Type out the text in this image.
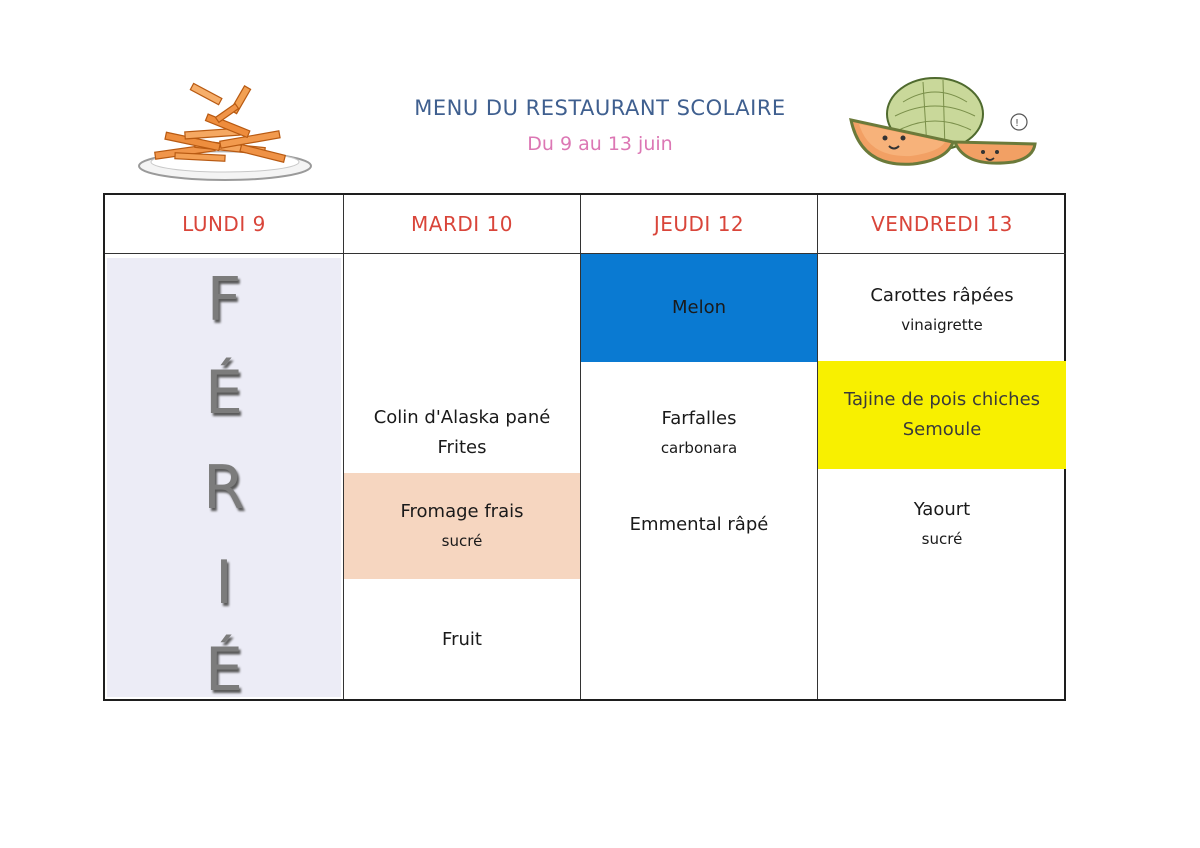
MENU DU RESTAURANT SCOLAIRE
Du 9 au 13 juin
!
LUNDI 9
F
É
R
I
É
MARDI 10
Colin d'Alaska pané
Frites
Fromage frais
sucré
Fruit
JEUDI 12
Melon
Farfalles
carbonara
Emmental râpé
VENDREDI 13
Carottes râpées
vinaigrette
Tajine de pois chiches
Semoule
Yaourt
sucré
